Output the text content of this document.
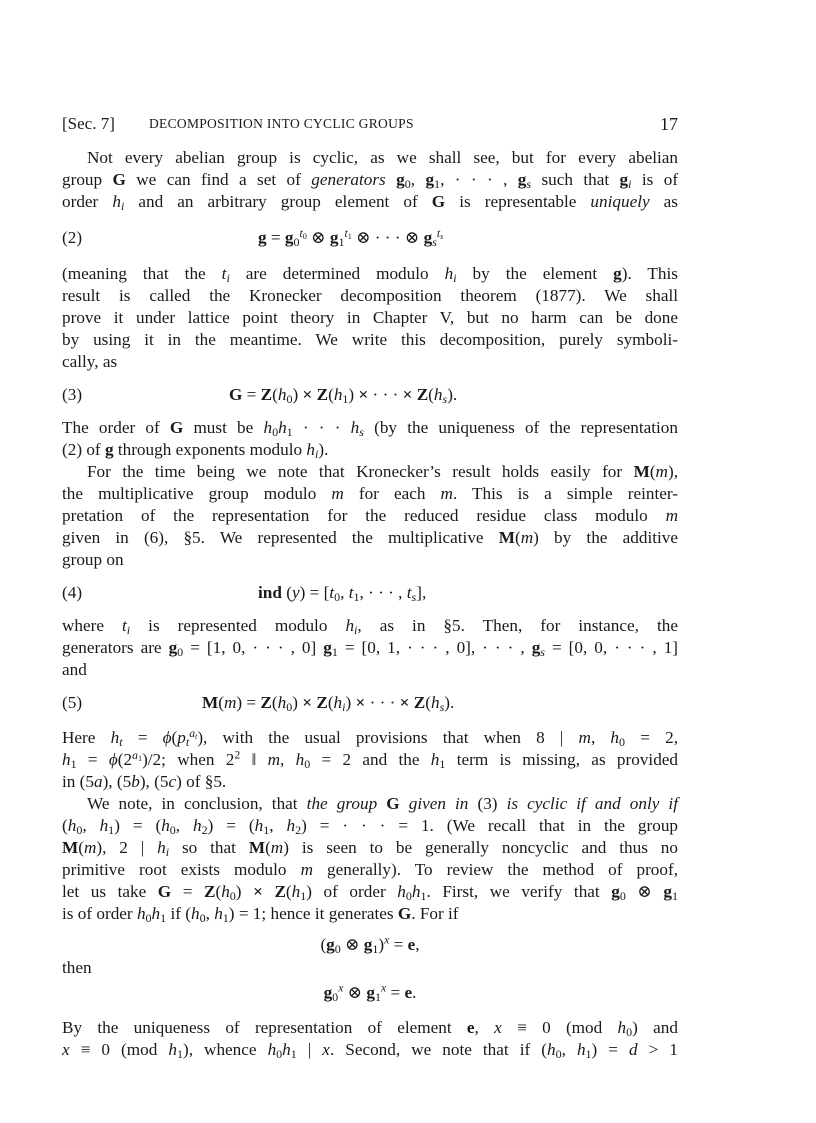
[Sec. 7]	DECOMPOSITION INTO CYCLIC GROUPS	17
Not every abelian group is cyclic, as we shall see, but for every abelian
group G we can find a set of generators $g_0$, $g_1$, · · · , $g_s$ such that $g_i$ is of
order $h_i$ and an arbitrary group element of G is representable uniquely as
(2)	$g = g_0^{t_0}$ ⊗ $g_1^{t_1}$ ⊗ · · · ⊗ $g_s^{t_s}$
(meaning that the $t_i$ are determined modulo $h_i$ by the element g). This
result is called the Kronecker decomposition theorem (1877). We shall
prove it under lattice point theory in Chapter V, but no harm can be done
by using it in the meantime. We write this decomposition, purely symboli-
cally, as
(3)	$G = Z(h_0) \times Z(h_1)$ × · · · × $Z(h_s)$.
The order of G must be $h_0h_1$ · · · $h_s$ (by the uniqueness of the representation
(2) of g through exponents modulo $h_i$).
For the time being we note that Kronecker’s result holds easily for M(m),
the multiplicative group modulo m for each m. This is a simple reinter-
pretation of the representation for the reduced residue class modulo m
given in (6), §5. We represented the multiplicative M(m) by the additive
group on
(4)	ind $(y) = [t_0$, $t_1$, · · · , $t_s$],
where $t_i$ is represented modulo $h_i$, as in §5. Then, for instance, the
generators are $g_0 = [1$, 0, · · · , 0] $g_1 = [0$, 1, · · · , 0], · · · , $g_s = [0$, 0, · · · , 1]
and
(5)	$M(m) = Z(h_0) \times Z(h_i)$ × · · · × $Z(h_s)$.
Here $h_t = \phi(p_t^{a_t})$, with the usual provisions that when 8 | m, $h_0 = 2$,
$h_1 = \phi(2^{a_1})/2$; when $2^2$ ‖ m, $h_0 = 2$ and the $h_1$ term is missing, as provided
in (5a), (5b), (5c) of §5.
We note, in conclusion, that the group G given in (3) is cyclic if and only if
($h_0$, $h_1) = (h_0$, $h_2) = (h_1$, $h_2$) = · · · = 1. (We recall that in the group
M(m), 2 | $h_i$ so that M(m) is seen to be generally noncyclic and thus no
primitive root exists modulo m generally). To review the method of proof,
let us take $G = Z(h_0) \times Z(h_1)$ of order $h_0h_1$. First, we verify that $g_0$ ⊗ $g_1$
is of order $h_0h_1$ if ($h_0$, $h_1) = 1$; hence it generates G. For if
($g_0$ ⊗ $g_1)^x = e$,
then
$g_0^x$ ⊗ $g_1^x = e$.
By the uniqueness of representation of element e, x ≡ 0 (mod $h_0$) and
x ≡ 0 (mod $h_1$), whence $h_0h_1$ | x. Second, we note that if ($h_0$, $h_1) = d > 1$
